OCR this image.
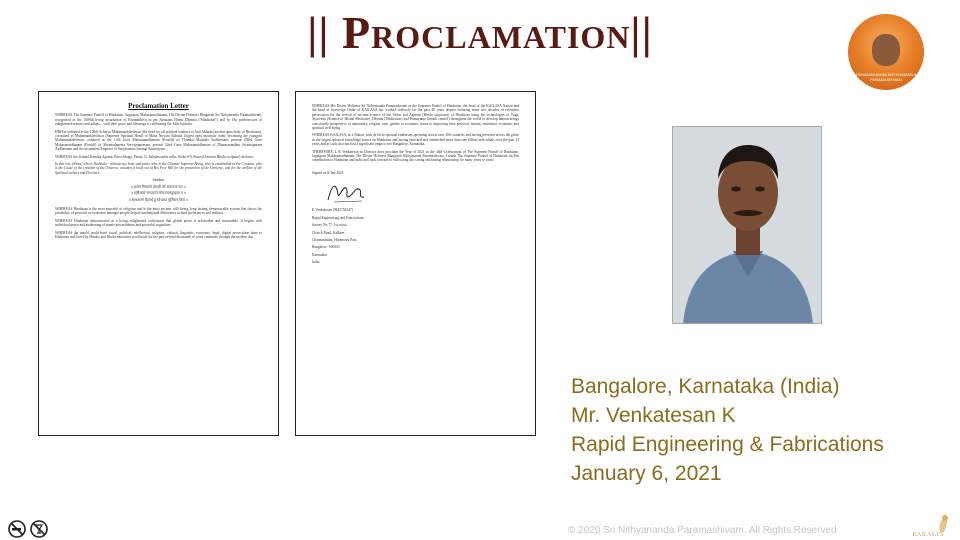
|| Proclamation||
PARAMAHAMSA NITHYANANDA
PARAMASHIVAM
Proclamation Letter

WHEREAS The Supreme Pontiff of Hinduism, Jagatguru Mahasannidhanam, His Divine Holiness Bhagavan Sri Nithyananda Paramashivam, recognized as the 1008th living incarnation of Paramashiva as per Sanatana Hindu Dharma ("Hinduism") and by His predecessors of enlightened masters and adepts—with their grace and blessings is celebrating the 44th Jayanthi.

HDH is ordained as the 108th Acharya Mahamandaleshwar (the head for all spiritual leaders) of Atal Akhada (ancient apex body of Hinduism), coronated as Mahamandaleshwar (Supreme Spiritual Head) of Maha Nirvani Akhada, largest apex monastic order, becoming the youngest Mahamandaleshwar, ordained as the 13th Guru Mahasannidhanam (Pontiff) of Thondai Mandala Aadheenam, present 293rd Guru Mahasannidhanam (Pontiff) of Shyamalapeeta Sarvajnapeetam, present 22nd Guru Mahasannidhanam of Dharmasambhu Swarnapuram Aadheenam and the incumbent Emperor of Suryavamsa Surangi Samrajyam.

WHEREAS the Srimad Kamika Agama, Purva bhaga, Patala 11, Sakalasrushti vidhi, Sloka 8-9 (Sacred Ancient Hindu scripture) declares:

In this way (Shiva) who is Nishkala - without any body and parts, who is the Ultimate Supreme Being, who is established in the Creation, who is the Cause of the creation of the Universe, assumes a body out of His Free Will for the protection of the Universe, and for the welfare of the Spiritual seekers and Devotees.

Sanskrit
॥ इत्येवं निष्कलो योऽसौ परः सकलतां गतः ॥
॥ सृष्टिकर्ता जगत्कर्ता लोकानामनुग्रहाय च ॥
॥ साधकानां हितार्थं तु स्वेच्छया मूर्तिमान् शिवः ॥

WHEREAS Hinduism is the most peaceful of religions and is the most ancient, still-living, long lasting, demonstrable system that shows the possibility of peaceful co-existence amongst people despite fundamental differences in their preferences and realities.

WHEREAS Hinduism demonstrated as a living enlightened civilization that global peace is achievable and sustainable. It begins with individual peace and awakening of innate powerfulness and powerful cognitions.

WHEREAS the untold, multi-level social, political, intellectual, religious, cultural, linguistic, economic, legal, digital persecution done to Hinduism and faced by Hindus and Hindu minorities worldwide for the past several thousands of years continues through the modern day.

WHEREAS His Divine Holiness Sri Nithyananda Paramashivam as the Supreme Pontiff of Hinduism, the head of the KAILASA Nation and the head of Sovereign Order of KAILASA has worked tirelessly for the past 40 years despite enduring more two decades of relentless persecution for the revival of ancient science of the Vedas and Agamas (Hindu scriptures) of Hinduism using the technologies of Yoga, Ayurveda (Science of Herbal Medicine), Dhyana (Meditation) and Pranayama (breath control) throughout the world to develop human beings consciously irrespective of nationality, religion, race, gender or economic status to improving their physical, mental, emotional, economic and spiritual well-being.

WHEREAS KAILASA, as a Nation, with de facto spiritual embassies operating across over 100 countries and having presence across the globe as the largest spiritual knowledge source on Hinduism and having enriched and entrenched more than one billion individuals over the past 15 years and as such also has had a significant impact over Bangalore, Karnataka.

THEREFORE, I, K Venkatesan as Director does proclaim the Year of 2021 as the 44th Celebrations of The Supreme Pontiff of Hinduism, Jagatguru Mahasannidhanam, His Divine Holiness Bhagavan Nithyananda Paramashivam. I thank The Supreme Pontiff of Hinduism for His contribution to Hinduism and India and look forward to cultivating this strong and lasting relationship for many years to come.

Signed on 6-Jan-2021

K Venkatesan (9845754247)

Rapid Engineering and Fabrications

Survey No 77, 1st cross,

Church Road, Kalkere

Channasandra, Horamavu Post,

Bangalore -560043

Karnataka

India.

Bangalore, Karnataka (India)
Mr. Venkatesan K
Rapid Engineering & Fabrications
January 6, 2021
© 2020 Sri Nithyananda Paramashivam. All Rights Reserved	KAILASA'S
